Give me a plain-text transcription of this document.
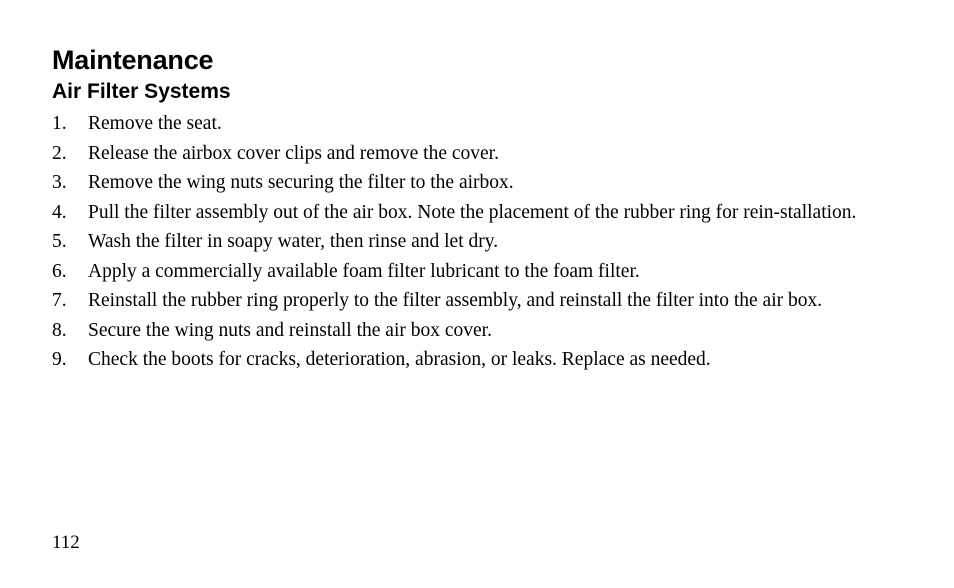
Maintenance
Air Filter Systems
1.	Remove the seat.
2.	Release the airbox cover clips and remove the cover.
3.	Remove the wing nuts securing the filter to the airbox.
4.	Pull the filter assembly out of the air box. Note the placement of the rubber ring for rein-stallation.
5.	Wash the filter in soapy water, then rinse and let dry.
6.	Apply a commercially available foam filter lubricant to the foam filter.
7.	Reinstall the rubber ring properly to the filter assembly, and reinstall the filter into the air box.
8.	Secure the wing nuts and reinstall the air box cover.
9.	Check the boots for cracks, deterioration, abrasion, or leaks. Replace as needed.

112
